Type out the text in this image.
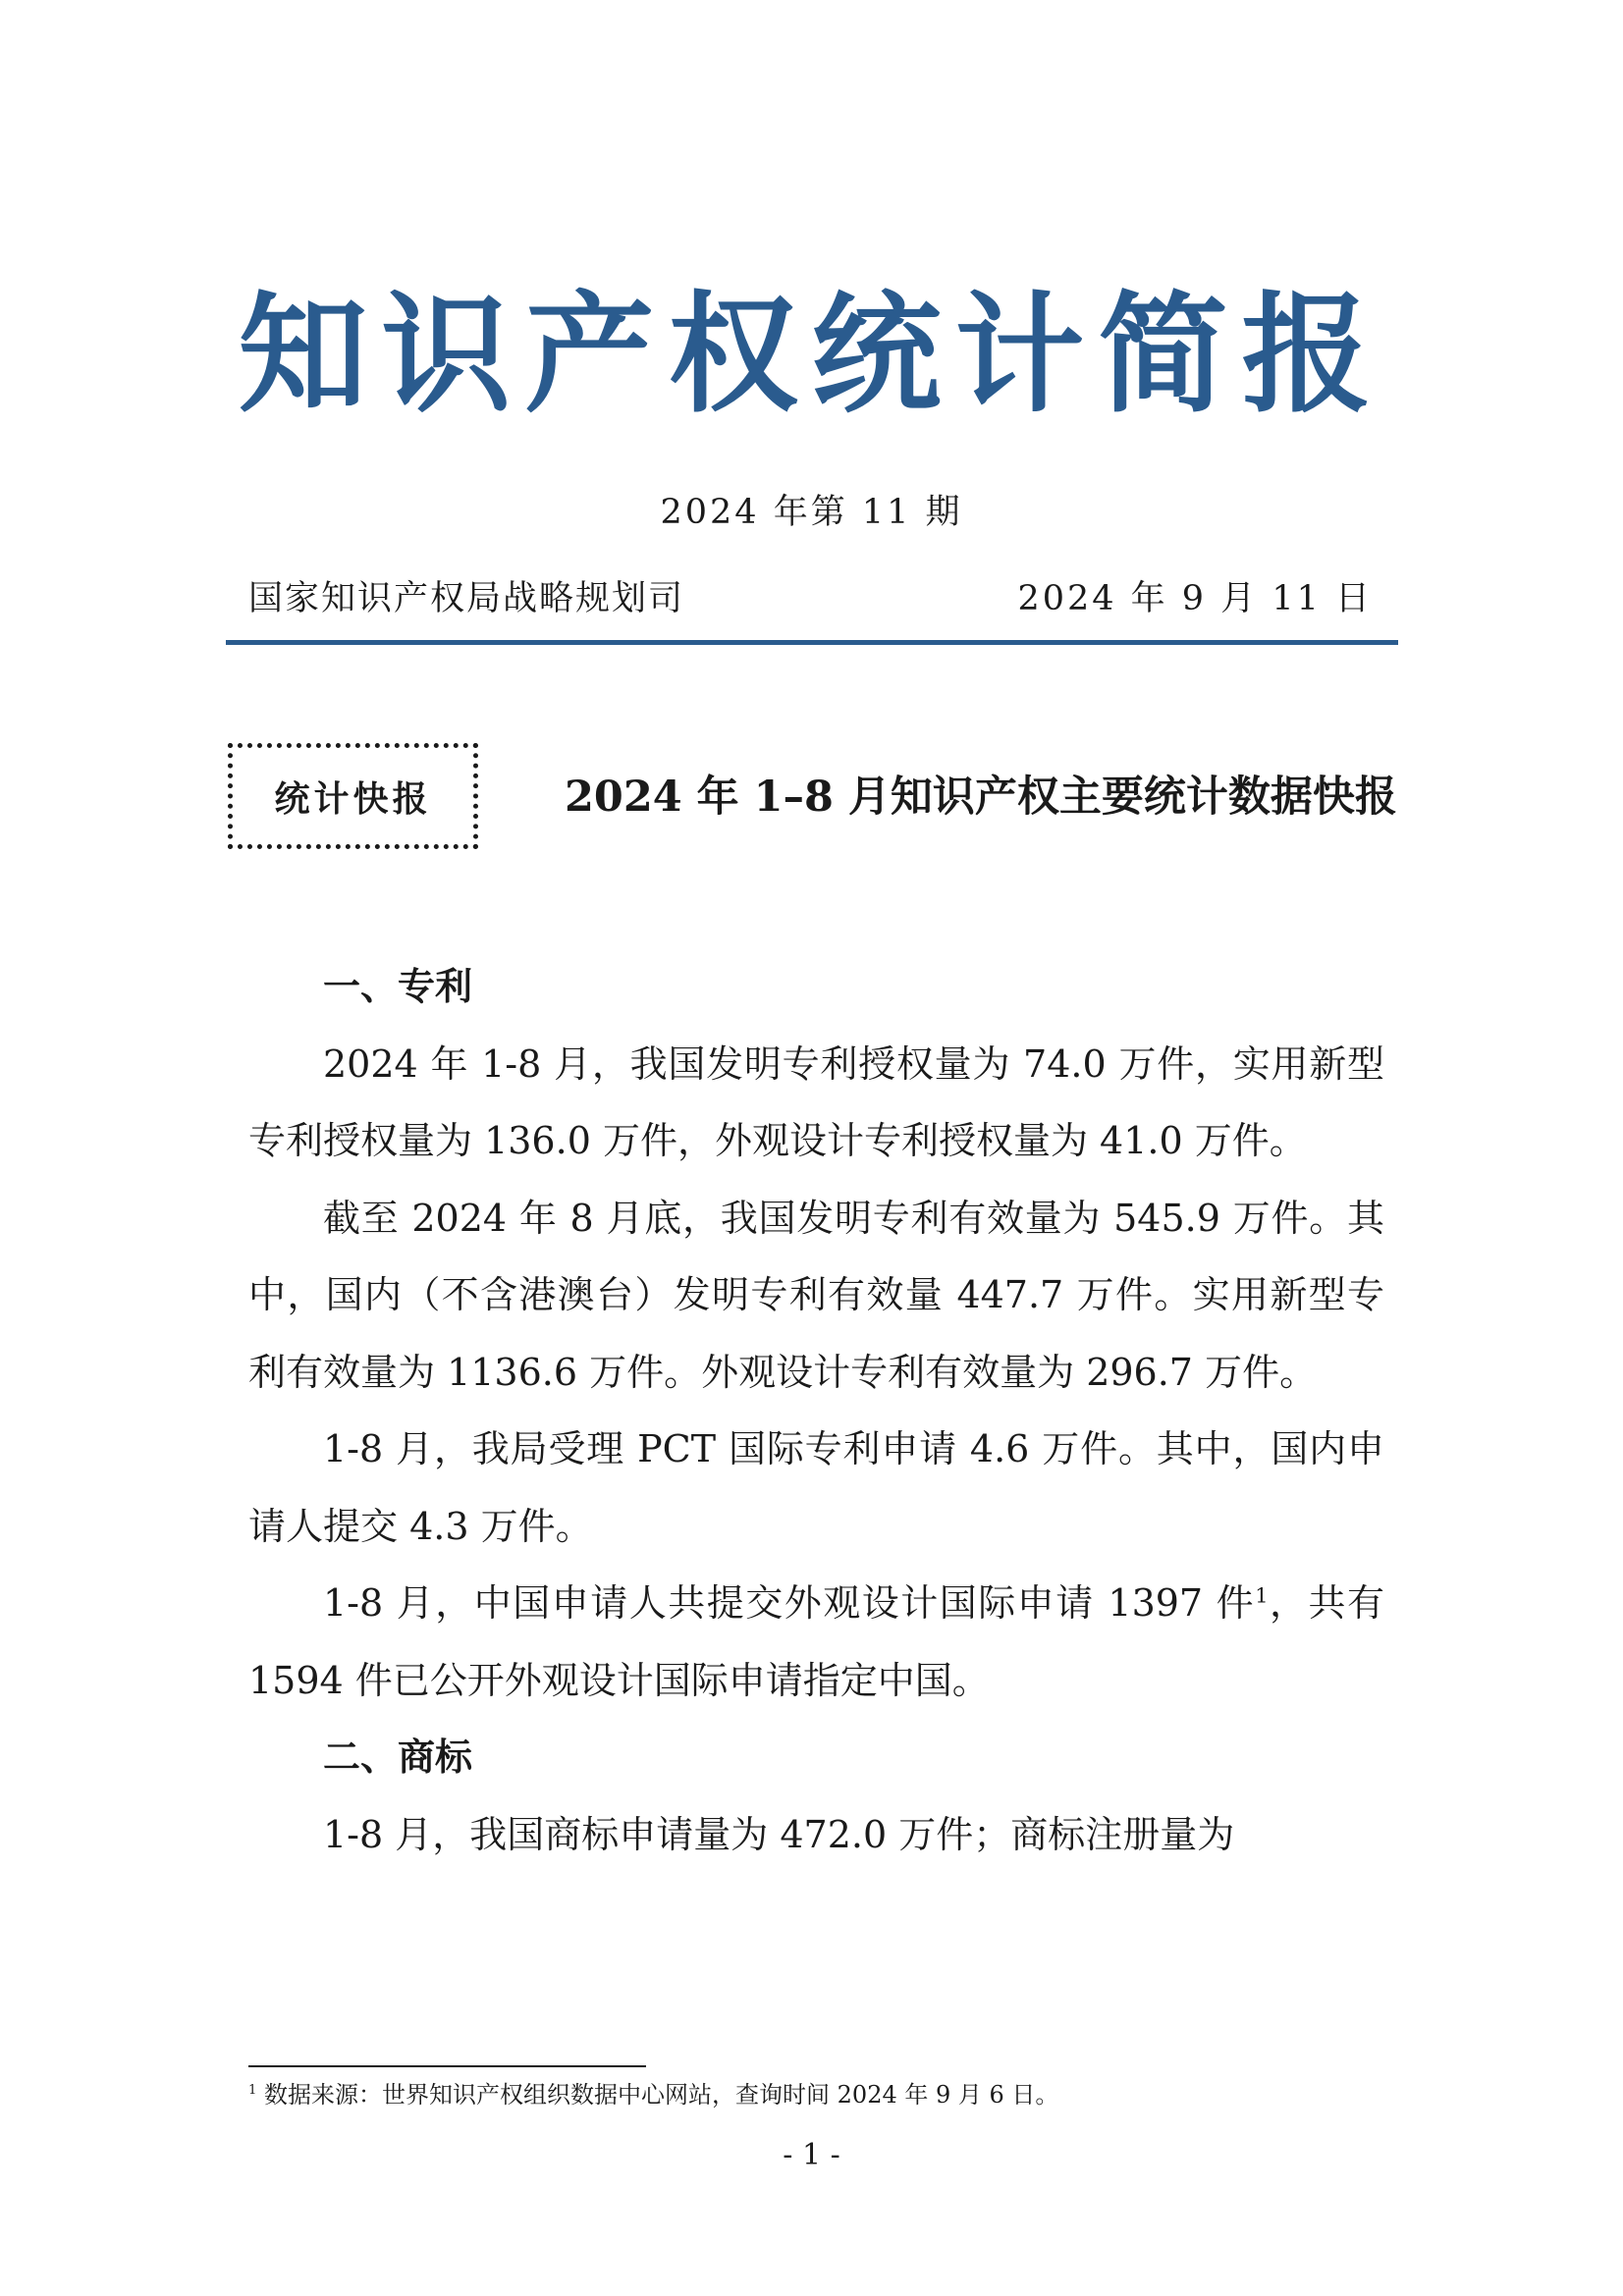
知识产权统计简报
2024 年第 11 期
国家知识产权局战略规划司	2024 年 9 月 11 日
统计快报	2024 年 1–8 月知识产权主要统计数据快报

一、专利

2024 年 1-8 月，我国发明专利授权量为 74.0 万件，实用新型专利授权量为 136.0 万件，外观设计专利授权量为 41.0 万件。

截至 2024 年 8 月底，我国发明专利有效量为 545.9 万件。其中，国内（不含港澳台）发明专利有效量 447.7 万件。实用新型专利有效量为 1136.6 万件。外观设计专利有效量为 296.7 万件。

1-8 月，我局受理 PCT 国际专利申请 4.6 万件。其中，国内申请人提交 4.3 万件。

1-8 月，中国申请人共提交外观设计国际申请 1397 件$^1$，共有 1594 件已公开外观设计国际申请指定中国。

二、商标

1-8 月，我国商标申请量为 472.0 万件；商标注册量为

$^1$ 数据来源：世界知识产权组织数据中心网站，查询时间 2024 年 9 月 6 日。
- 1 -
